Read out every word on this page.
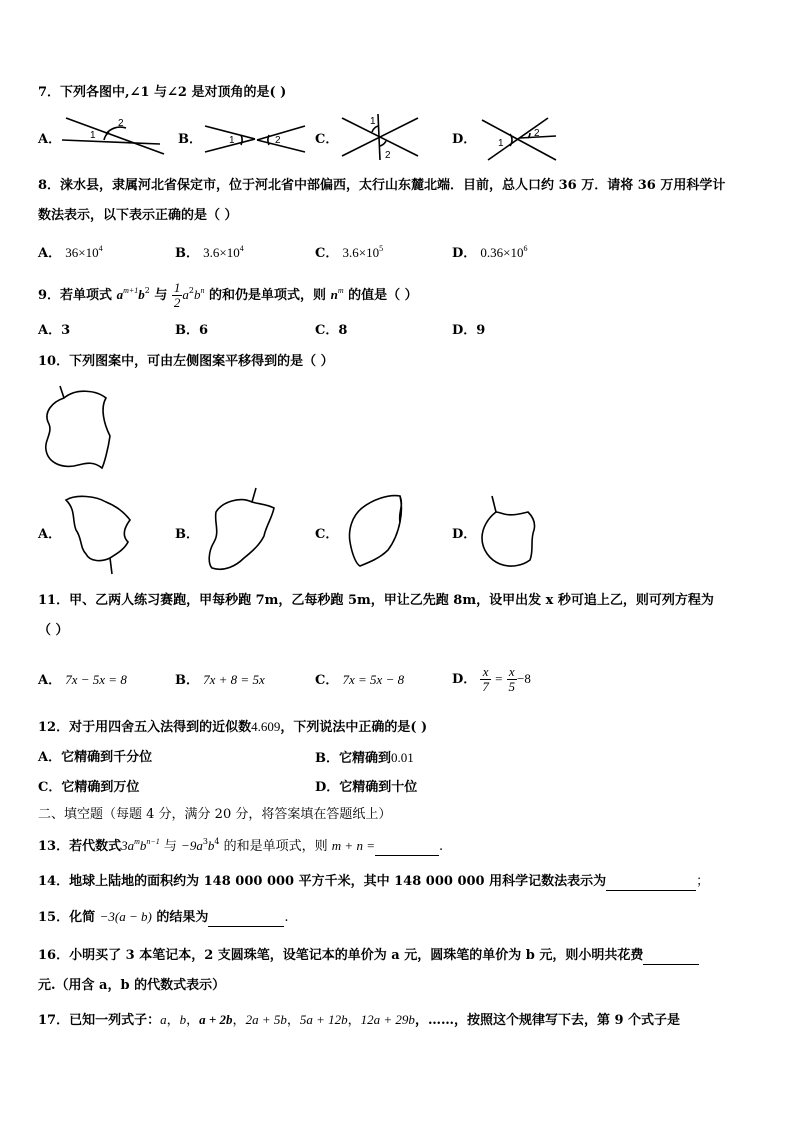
7．下列各图中,∠1 与∠2 是对顶角的是( )
A．	1
2
B．	1	2	C．
1
2
D． 1
2
8．涞水县，隶属河北省保定市，位于河北省中部偏西，太行山东麓北端．目前，总人口约 36 万．请将 36 万用科学计
数法表示，以下表示正确的是（ ）
A． $36\times 10^4$	B． $3.6\times 10^4$	C． $3.6\times 10^5$	D． $0.36\times 10^6$
9．若单项式 $a^{m+1}b^2$ 与 $\frac{1}{2} a^2b^n$ 的和仍是单项式，则 $n^m$ 的值是（ ）
A．3	B．6	C．8	D．9
10．下列图案中，可由左侧图案平移得到的是（ ）
A．	B．	C．	D．
11．甲、乙两人练习赛跑，甲每秒跑 7m，乙每秒跑 5m，甲让乙先跑 8m，设甲出发 x 秒可追上乙，则可列方程为
（ ）
A． 7x − 5x = 8	B． 7x + 8 = 5x	C． 7x = 5x − 8	D． $\frac{x}{7} = \frac{x}{5} -8$
12．对于用四舍五入法得到的近似数4.609，下列说法中正确的是( )
A．它精确到千分位	B．它精确到0.01
C．它精确到万位	D．它精确到十位
二、填空题（每题 4 分，满分 20 分，将答案填在答题纸上）
13．若代数式$3a^mb^{n-1}$ 与 $-9a^3b^4$ 的和是单项式，则 m + n =	.
14．地球上陆地的面积约为 148 000 000 平方千米，其中 148 000 000 用科学记数法表示为	；
15．化简 −3(a − b) 的结果为	.
16．小明买了 3 本笔记本，2 支圆珠笔，设笔记本的单价为 a 元，圆珠笔的单价为 b 元，则小明共花费
元.（用含 a，b 的代数式表示）
17．已知一列式子：a，b，a + 2b，2a + 5b，5a + 12b，12a + 29b，……，按照这个规律写下去，第 9 个式子是
